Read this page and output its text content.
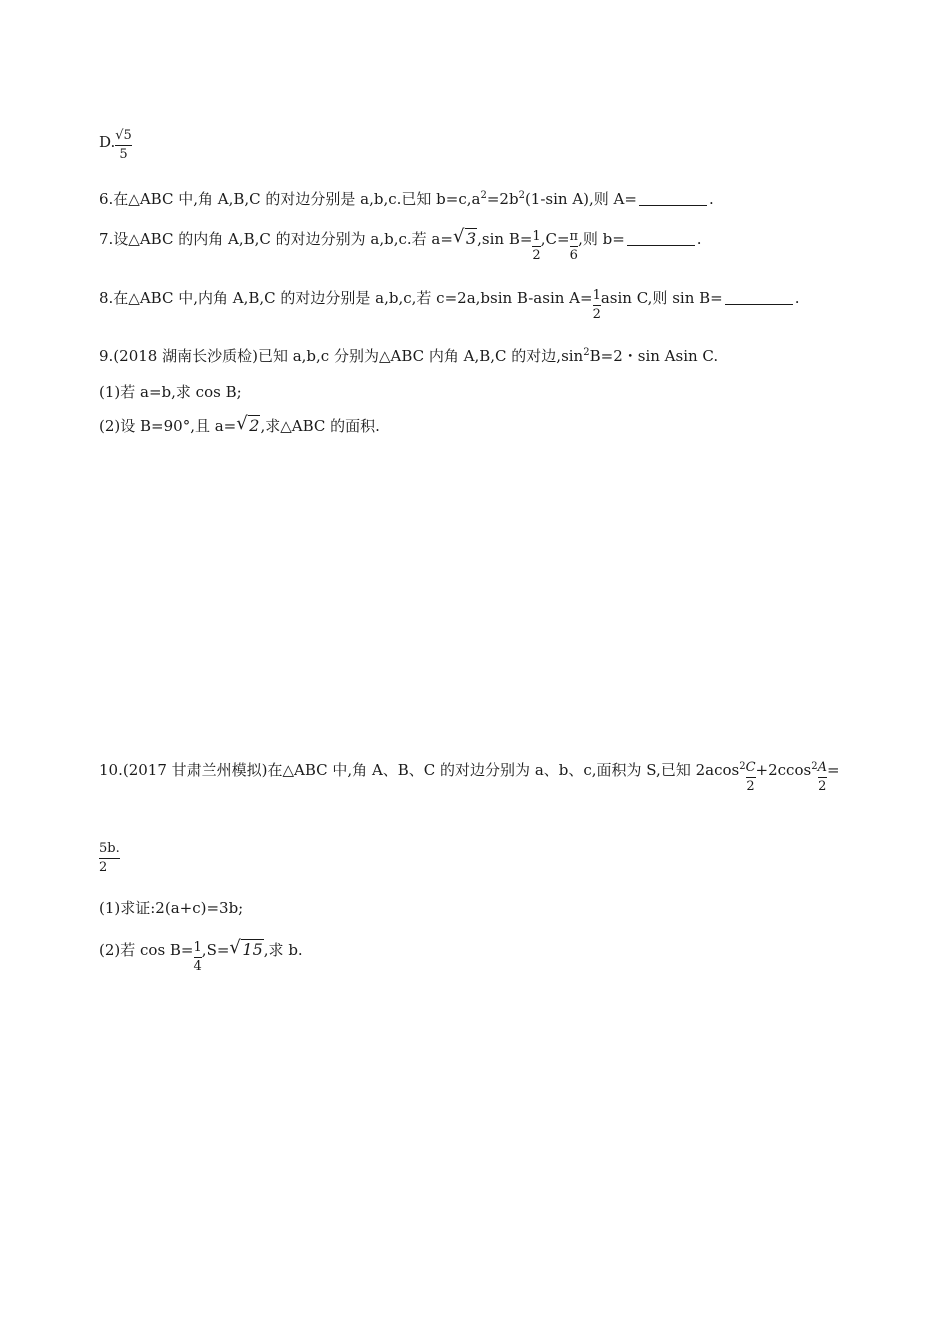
D. $\frac{√5}{5}$
6.在△ABC 中,角 A,B,C 的对边分别是 a,b,c.已知 $b=c,a^2=2b^2(1-\sin$ A),则 A=	.
7.设△ABC 的内角 A,B,C 的对边分别为 a,b,c.若 a=√ 3,sin $B= \frac{1}{2} ,C= \frac{\pi}{6}$ ,则 b=	.
8.在△ABC 中,内角 A,B,C 的对边分别是 a,b,c,若 c=2a,bsin B-asin $A= \frac{1}{2}$ asin C,则 sin B=	.
9.(2018 湖南长沙质检)已知 a,b,c 分别为△ABC 内角 A,B,C 的对边$,\sin^2B=2$・sin Asin C.
(1)若 a=b,求 cos B;
(2)设 B=90°,且 a=√ 2,求△ABC 的面积.
10.(2017 甘肃兰州模拟)在△ABC 中,角 A、B、C 的对边分别为 a、b、c,面积为 S,已知 $2acos^2 \frac{C}{2} +2ccos^2 \frac{A}{2}$ =
$\frac{5b.}{2}$
(1)求证:2(a+c)=3b;
(2)若 $\cos B= \frac{1}{4} ,S=√$ 15,求 b.
